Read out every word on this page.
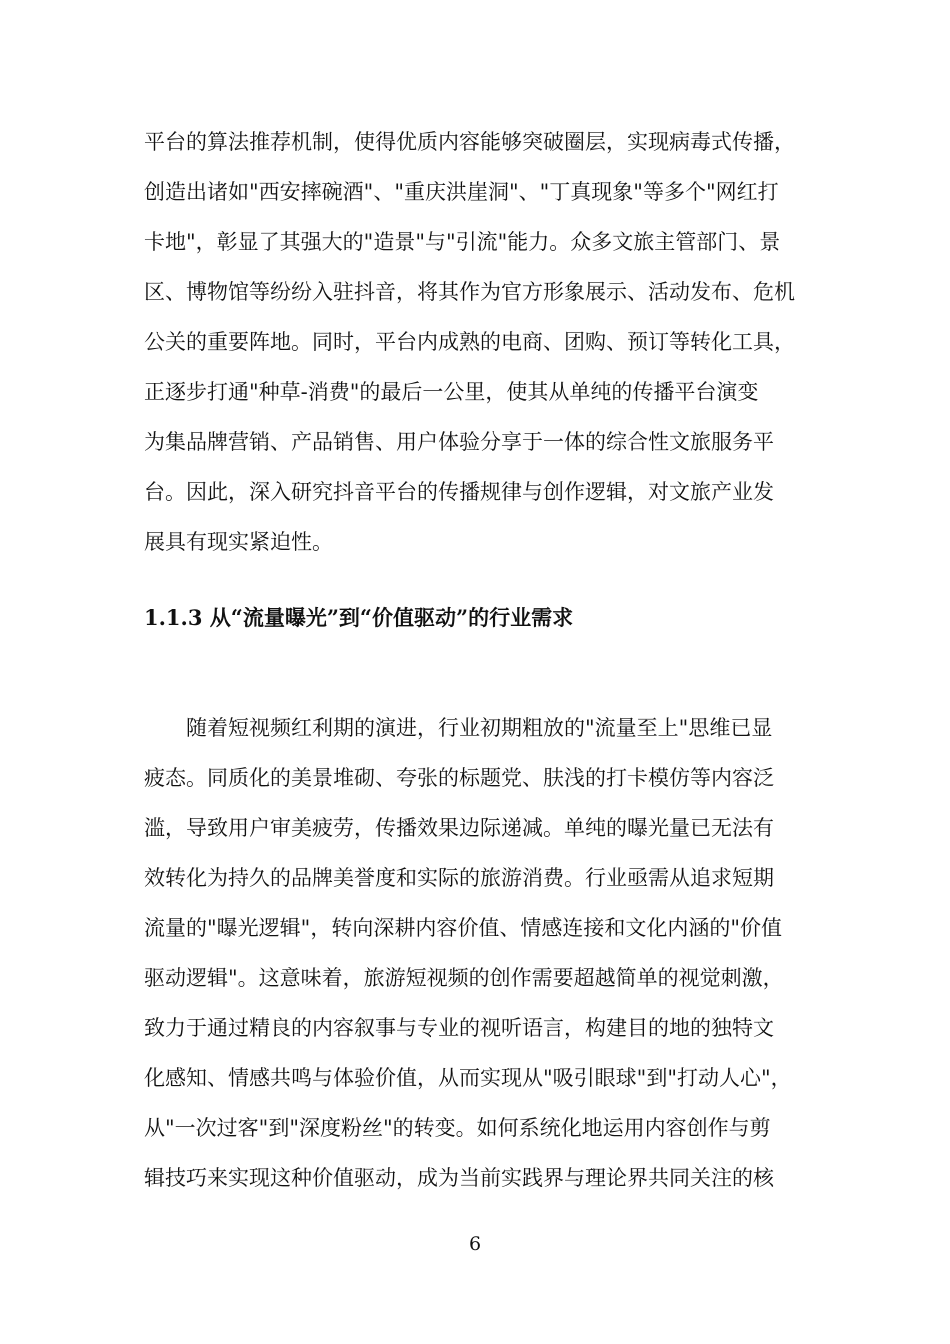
平台的算法推荐机制，使得优质内容能够突破圈层，实现病毒式传播，
创造出诸如"西安摔碗酒"、"重庆洪崖洞"、"丁真现象"等多个"网红打
卡地"，彰显了其强大的"造景"与"引流"能力。众多文旅主管部门、景
区、博物馆等纷纷入驻抖音，将其作为官方形象展示、活动发布、危机
公关的重要阵地。同时，平台内成熟的电商、团购、预订等转化工具，
正逐步打通"种草-消费"的最后一公里，使其从单纯的传播平台演变
为集品牌营销、产品销售、用户体验分享于一体的综合性文旅服务平
台。因此，深入研究抖音平台的传播规律与创作逻辑，对文旅产业发
展具有现实紧迫性。
1.1.3 从“流量曝光”到“价值驱动”的行业需求
随着短视频红利期的演进，行业初期粗放的"流量至上"思维已显
疲态。同质化的美景堆砌、夸张的标题党、肤浅的打卡模仿等内容泛
滥，导致用户审美疲劳，传播效果边际递减。单纯的曝光量已无法有
效转化为持久的品牌美誉度和实际的旅游消费。行业亟需从追求短期
流量的"曝光逻辑"，转向深耕内容价值、情感连接和文化内涵的"价值
驱动逻辑"。这意味着，旅游短视频的创作需要超越简单的视觉刺激，
致力于通过精良的内容叙事与专业的视听语言，构建目的地的独特文
化感知、情感共鸣与体验价值，从而实现从"吸引眼球"到"打动人心"，
从"一次过客"到"深度粉丝"的转变。如何系统化地运用内容创作与剪
辑技巧来实现这种价值驱动，成为当前实践界与理论界共同关注的核
6
